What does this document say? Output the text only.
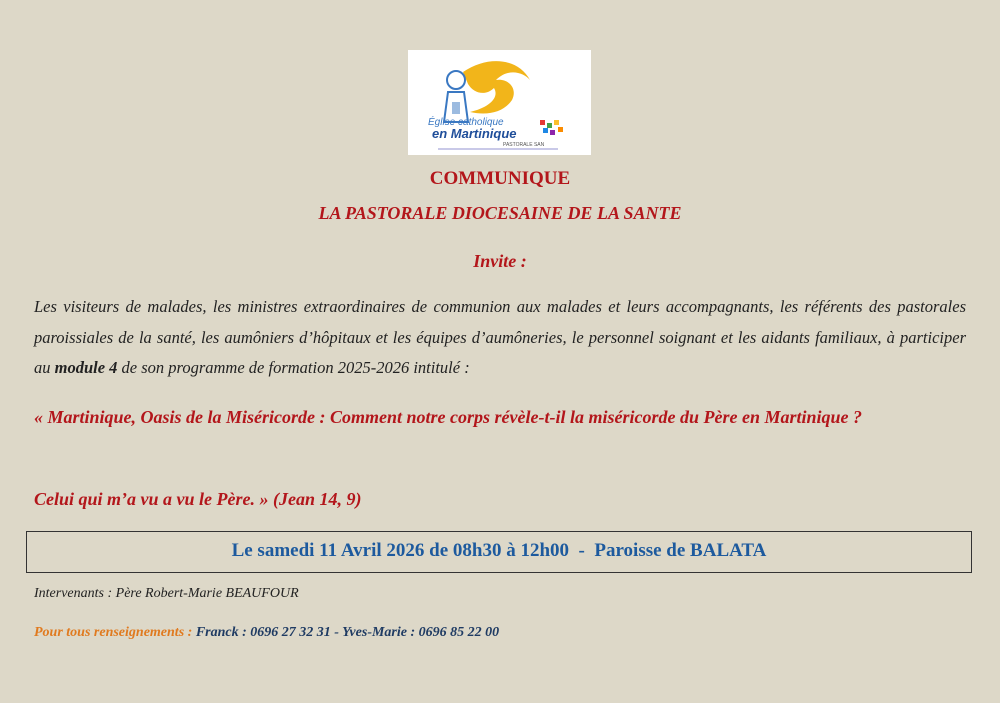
Église catholique
en Martinique
PASTORALE SAN
COMMUNIQUE
LA PASTORALE DIOCESAINE DE LA SANTE
Invite :
Les visiteurs de malades, les ministres extraordinaires de communion aux malades et leurs accompagnants, les référents des pastorales paroissiales de la santé, les aumôniers d’hôpitaux et les équipes d’aumôneries, le personnel soignant et les aidants familiaux, à participer au module 4 de son programme de formation 2025-2026 intitulé :

« Martinique, Oasis de la Miséricorde : Comment notre corps révèle-t-il la miséricorde du Père en Martinique ?

Celui qui m’a vu a vu le Père. » (Jean 14, 9)

Le samedi 11 Avril 2026 de 08h30 à 12h00  -  Paroisse de BALATA
Intervenants : Père Robert-Marie BEAUFOUR
Pour tous renseignements : Franck : 0696 27 32 31 - Yves-Marie : 0696 85 22 00
